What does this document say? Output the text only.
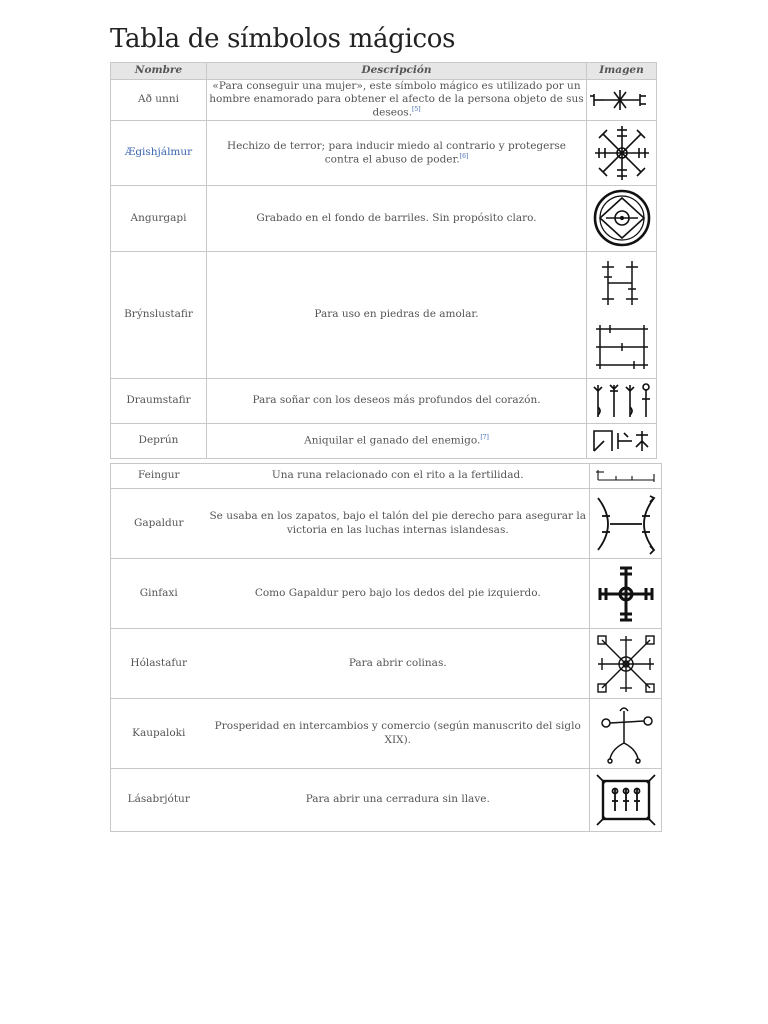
Tabla de símbolos mágicos
Nombre	Descripción	Imagen
Að unni	«Para conseguir una mujer», este símbolo mágico es utilizado por un hombre enamorado para obtener el afecto de la persona objeto de sus deseos.[5]	

Ægishjálmur	Hechizo de terror; para inducir miedo al contrario y protegerse contra el abuso de poder.[6]	

Angurgapi	Grabado en el fondo de barriles. Sin propósito claro.	

Brýnslustafir	Para uso en piedras de amolar.	

Draumstafir	Para soñar con los deseos más profundos del corazón.	

Deprún	Aniquilar el ganado del enemigo.[7]	
Feingur	Una runa relacionado con el rito a la fertilidad.	

Gapaldur	Se usaba en los zapatos, bajo el talón del pie derecho para asegurar la victoria en las luchas internas islandesas.	

Ginfaxi	Como Gapaldur pero bajo los dedos del pie izquierdo.	

Hólastafur	Para abrir colinas.	

Kaupaloki	Prosperidad en intercambios y comercio (según manuscrito del siglo XIX).	

Lásabrjótur	Para abrir una cerradura sin llave.	
